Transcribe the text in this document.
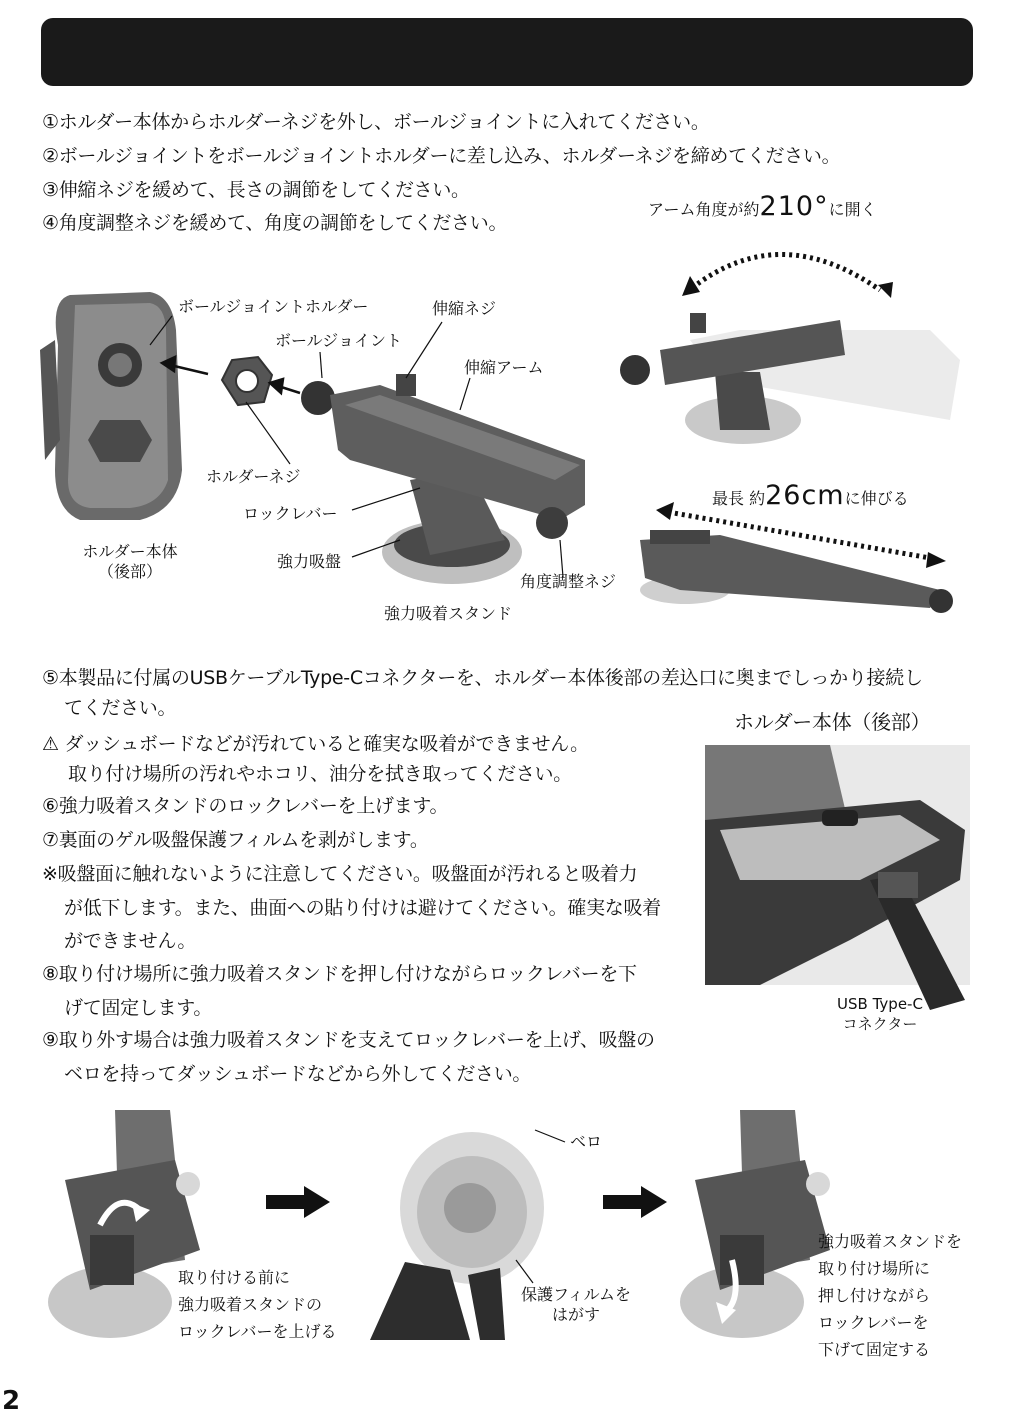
①ホルダー本体からホルダーネジを外し、ボールジョイントに入れてください。
②ボールジョイントをボールジョイントホルダーに差し込み、ホルダーネジを締めてください。
③伸縮ネジを緩めて、長さの調節をしてください。
④角度調整ネジを緩めて、角度の調節をしてください。
ボールジョイントホルダー	伸縮ネジ
ボールジョイント
伸縮アーム
ホルダーネジ
ロックレバー
ホルダー本体
（後部）
強力吸盤
角度調整ネジ
強力吸着スタンド
アーム角度が約210°に開く
最長 約26cmに伸びる
⑤本製品に付属のUSBケーブルType-Cコネクターを、ホルダー本体後部の差込口に奥までしっかり接続し
てください。
ホルダー本体（後部）
⚠ ダッシュボードなどが汚れていると確実な吸着ができません。
取り付け場所の汚れやホコリ、油分を拭き取ってください。
⑥強力吸着スタンドのロックレバーを上げます。
⑦裏面のゲル吸盤保護フィルムを剥がします。
※吸盤面に触れないように注意してください。吸盤面が汚れると吸着力
が低下します。また、曲面への貼り付けは避けてください。確実な吸着
ができません。
⑧取り付け場所に強力吸着スタンドを押し付けながらロックレバーを下
げて固定します。
⑨取り外す場合は強力吸着スタンドを支えてロックレバーを上げ、吸盤の
ベロを持ってダッシュボードなどから外してください。
USB Type-C
コネクター
取り付ける前に
強力吸着スタンドの
ロックレバーを上げる
ベロ
保護フィルムを
はがす
強力吸着スタンドを
取り付け場所に
押し付けながら
ロックレバーを
下げて固定する
2
